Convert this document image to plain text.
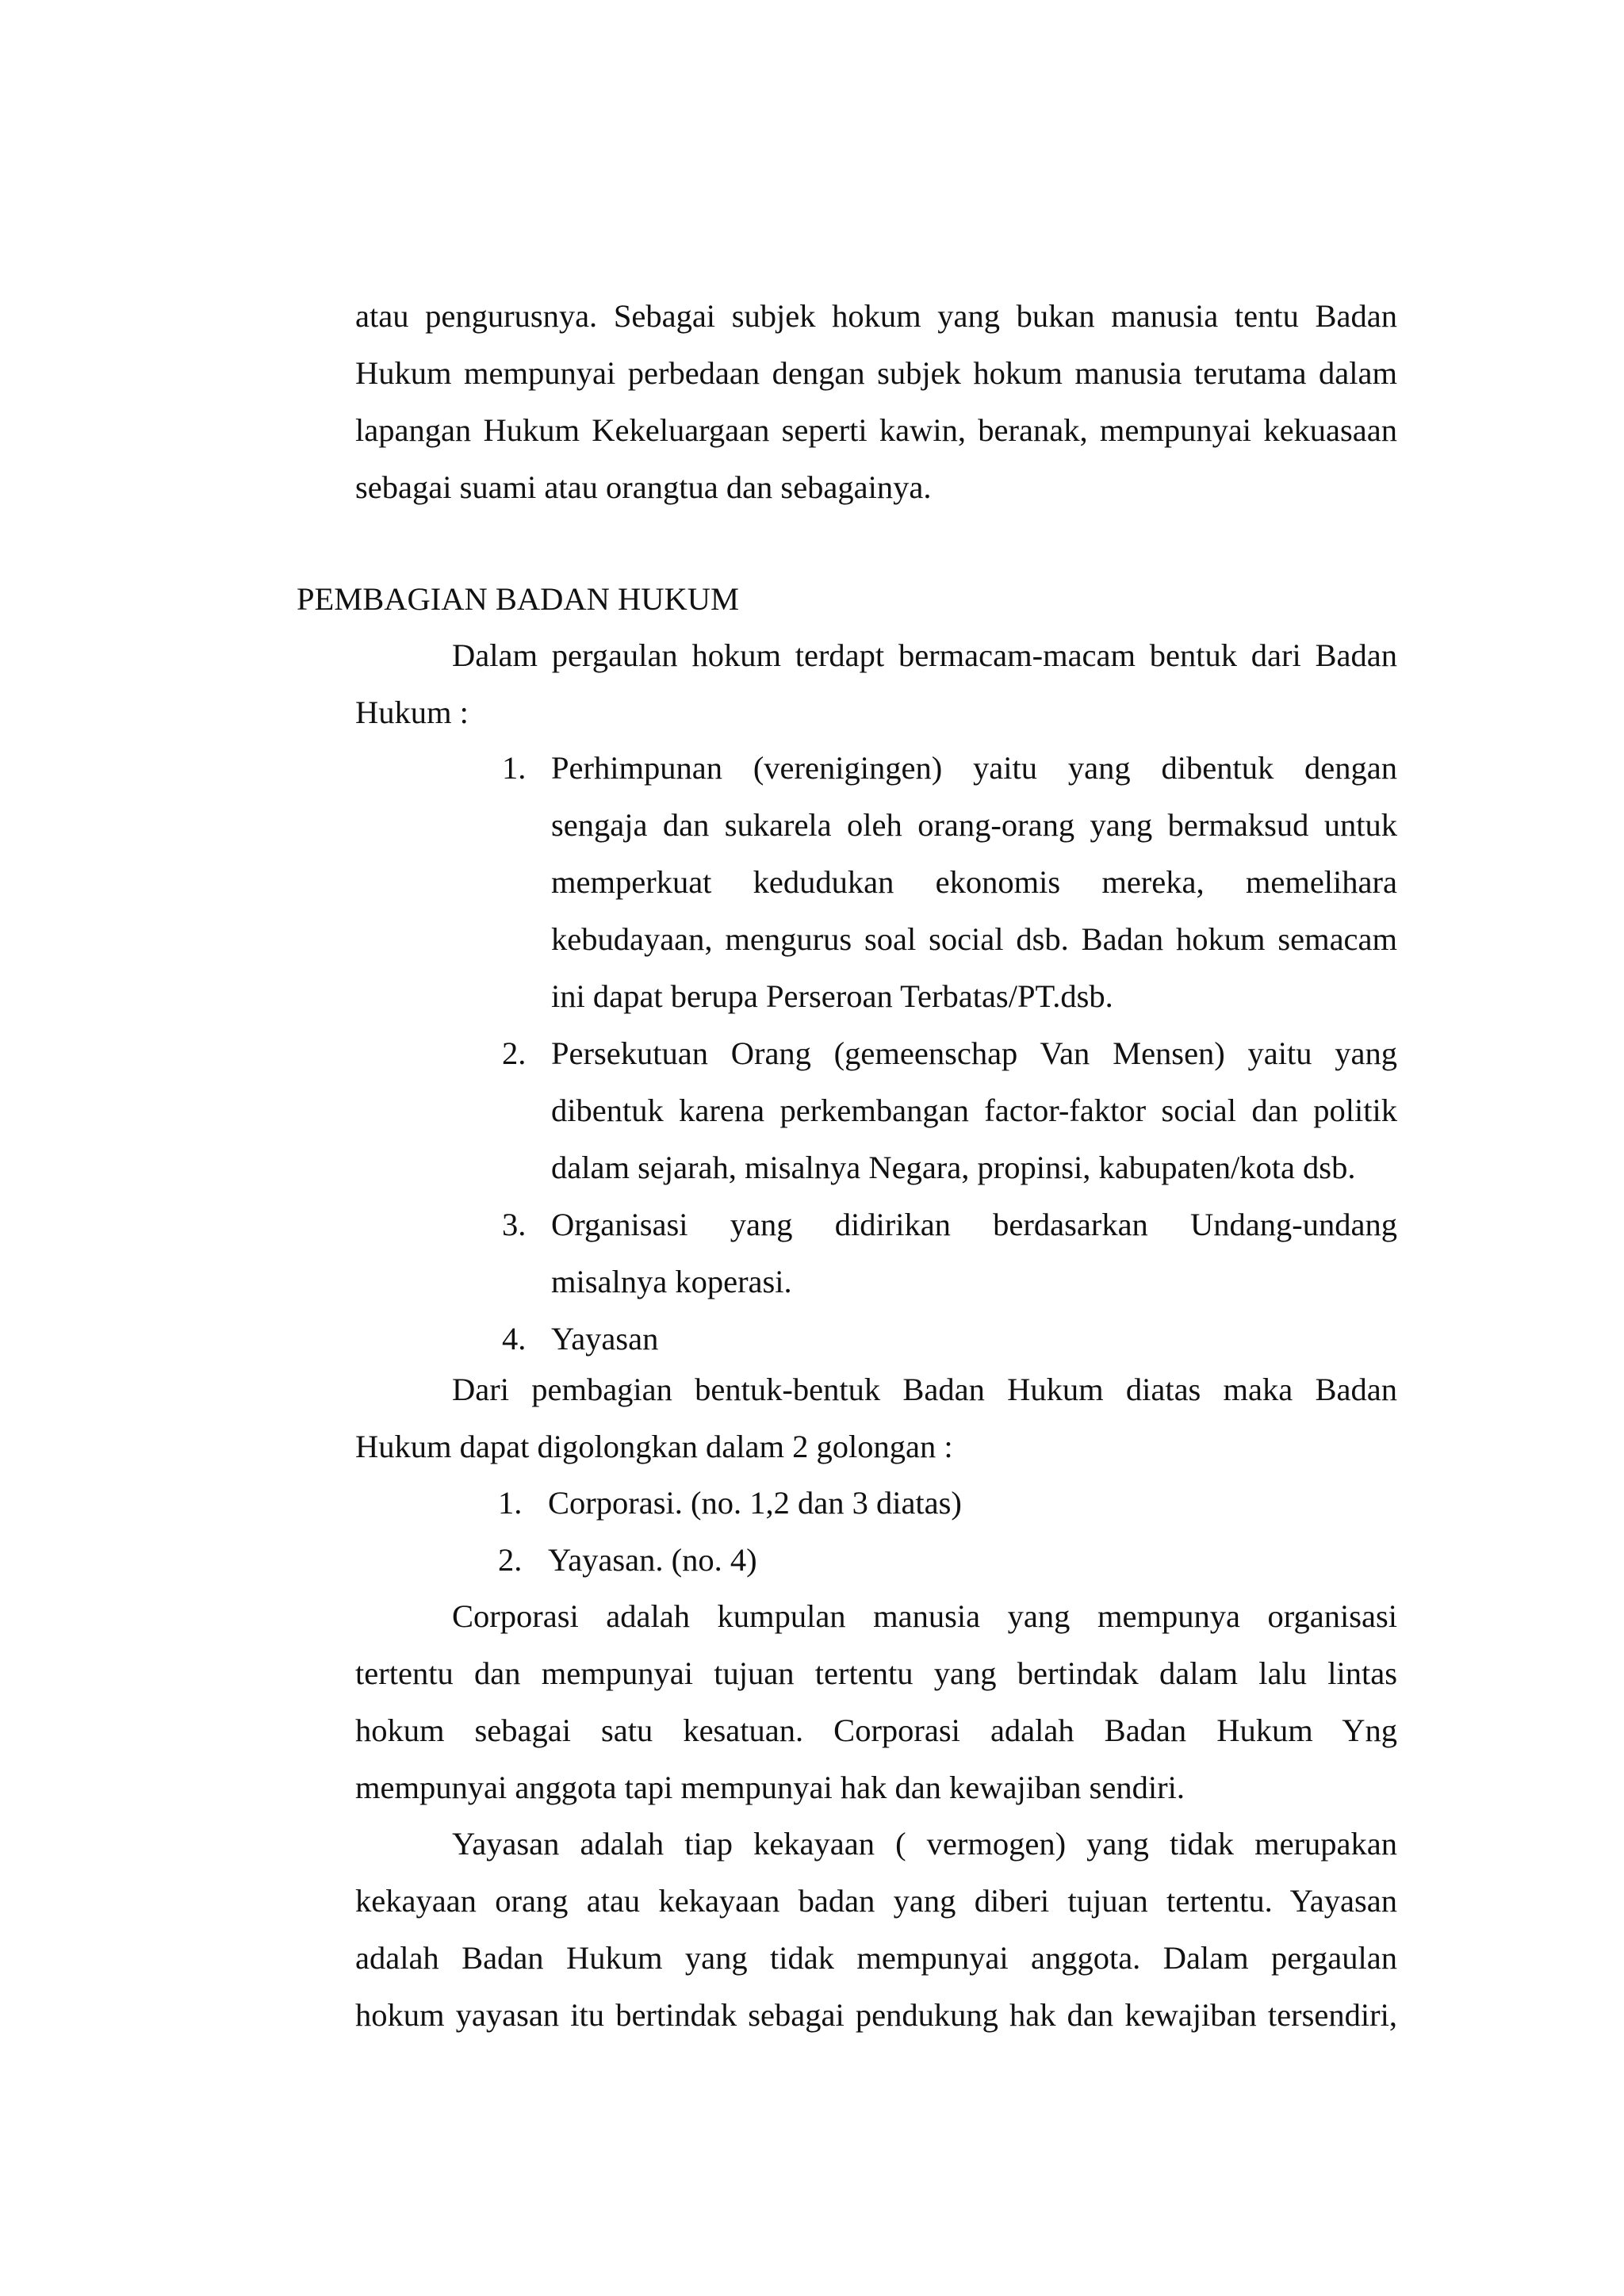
atau pengurusnya. Sebagai subjek hokum yang bukan manusia tentu Badan
Hukum mempunyai perbedaan dengan subjek hokum manusia terutama dalam
lapangan Hukum Kekeluargaan seperti kawin, beranak, mempunyai kekuasaan
sebagai suami atau orangtua dan sebagainya.
PEMBAGIAN BADAN HUKUM
Dalam pergaulan hokum terdapt bermacam-macam bentuk dari Badan
Hukum :
1. Perhimpunan (verenigingen) yaitu yang dibentuk dengan
sengaja dan sukarela oleh orang-orang yang bermaksud untuk
memperkuat kedudukan ekonomis mereka, memelihara
kebudayaan, mengurus soal social dsb. Badan hokum semacam
ini dapat berupa Perseroan Terbatas/PT.dsb.
2. Persekutuan Orang (gemeenschap Van Mensen) yaitu yang
dibentuk karena perkembangan factor-faktor social dan politik
dalam sejarah, misalnya Negara, propinsi, kabupaten/kota dsb.
3. Organisasi yang didirikan berdasarkan Undang-undang
misalnya koperasi.
4. Yayasan
Dari pembagian bentuk-bentuk Badan Hukum diatas maka Badan
Hukum dapat digolongkan dalam 2 golongan :
1. Corporasi. (no. 1,2 dan 3 diatas)
2. Yayasan. (no. 4)
Corporasi adalah kumpulan manusia yang mempunya organisasi
tertentu dan mempunyai tujuan tertentu yang bertindak dalam lalu lintas
hokum sebagai satu kesatuan. Corporasi adalah Badan Hukum Yng
mempunyai anggota tapi mempunyai hak dan kewajiban sendiri.
Yayasan adalah tiap kekayaan ( vermogen) yang tidak merupakan
kekayaan orang atau kekayaan badan yang diberi tujuan tertentu. Yayasan
adalah Badan Hukum yang tidak mempunyai anggota. Dalam pergaulan
hokum yayasan itu bertindak sebagai pendukung hak dan kewajiban tersendiri,
